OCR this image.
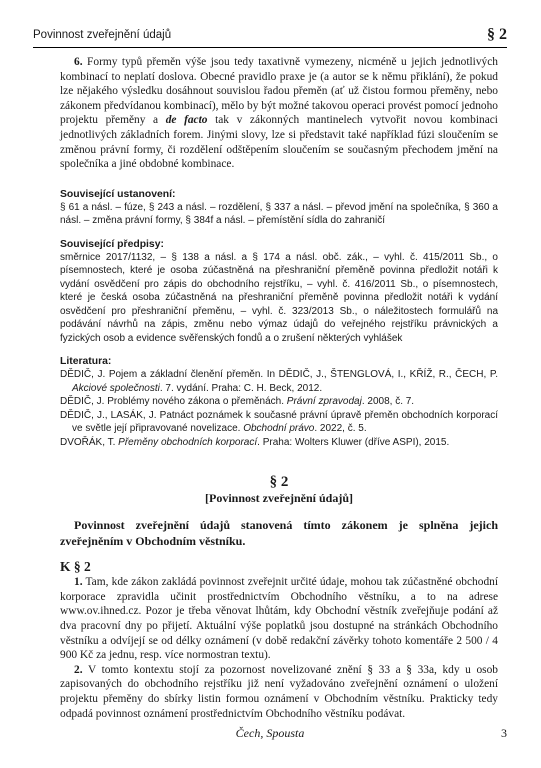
Povinnost zveřejnění údajů	§ 2

6. Formy typů přeměn výše jsou tedy taxativně vymezeny, nicméně u jejich jednotlivých kombinací to neplatí doslova. Obecné pravidlo praxe je (a autor se k němu přiklání), že pokud lze nějakého výsledku dosáhnout souvislou řadou přeměn (ať už čistou formou přeměny, nebo zákonem předvídanou kombinací), mělo by být možné takovou operaci provést pomocí jednoho projektu přeměny a de facto tak v zákonných mantinelech vytvořit novou kombinaci jednotlivých základních forem. Jinými slovy, lze si představit také například fúzi sloučením se změnou právní formy, či rozdělení odštěpením sloučením se současným přechodem jmění na společníka a jiné obdobné kombinace.

Související ustanovení:

§ 61 a násl. – fúze, § 243 a násl. – rozdělení, § 337 a násl. – převod jmění na společníka, § 360 a násl. – změna právní formy, § 384f a násl. – přemístění sídla do zahraničí

Související předpisy:

směrnice 2017/1132, – § 138 a násl. a § 174 a násl. obč. zák., – vyhl. č. 415/2011 Sb., o písemnostech, které je osoba zúčastněná na přeshraniční přeměně povinna předložit notáři k vydání osvědčení pro zápis do obchodního rejstříku, – vyhl. č. 416/2011 Sb., o písemnostech, které je česká osoba zúčastněná na přeshraniční přeměně povinna předložit notáři k vydání osvědčení pro přeshraniční přeměnu, – vyhl. č. 323/2013 Sb., o náležitostech formulářů na podávání návrhů na zápis, změnu nebo výmaz údajů do veřejného rejstříku právnických a fyzických osob a evidence svěřenských fondů a o zrušení některých vyhlášek

Literatura:

DĚDIČ, J. Pojem a základní členění přeměn. In DĚDIČ, J., ŠTENGLOVÁ, I., KŘÍŽ, R., ČECH, P. Akciové společnosti. 7. vydání. Praha: C. H. Beck, 2012.

DĚDIČ, J. Problémy nového zákona o přeměnách. Právní zpravodaj. 2008, č. 7.

DĚDIČ, J., LASÁK, J. Patnáct poznámek k současné právní úpravě přeměn obchodních korporací ve světle její připravované novelizace. Obchodní právo. 2022, č. 5.

DVOŘÁK, T. Přeměny obchodních korporací. Praha: Wolters Kluwer (dříve ASPI), 2015.

§ 2
[Povinnost zveřejnění údajů]

Povinnost zveřejnění údajů stanovená tímto zákonem je splněna jejich zveřejněním v Obchodním věstníku.

K § 2

1. Tam, kde zákon zakládá povinnost zveřejnit určité údaje, mohou tak zúčastněné obchodní korporace zpravidla učinit prostřednictvím Obchodního věstníku, a to na adrese www.ov.ihned.cz. Pozor je třeba věnovat lhůtám, kdy Obchodní věstník zveřejňuje podání až dva pracovní dny po přijetí. Aktuální výše poplatků jsou dostupné na stránkách Obchodního věstníku a odvíjejí se od délky oznámení (v době redakční závěrky tohoto komentáře 2 500 / 4 900 Kč za jednu, resp. více normostran textu).

2. V tomto kontextu stojí za pozornost novelizované znění § 33 a § 33a, kdy u osob zapisovaných do obchodního rejstříku již není vyžadováno zveřejnění oznámení o uložení projektu přeměny do sbírky listin formou oznámení v Obchodním věstníku. Prakticky tedy odpadá povinnost oznámení prostřednictvím Obchodního věstníku podávat.

Čech, Spousta	3
